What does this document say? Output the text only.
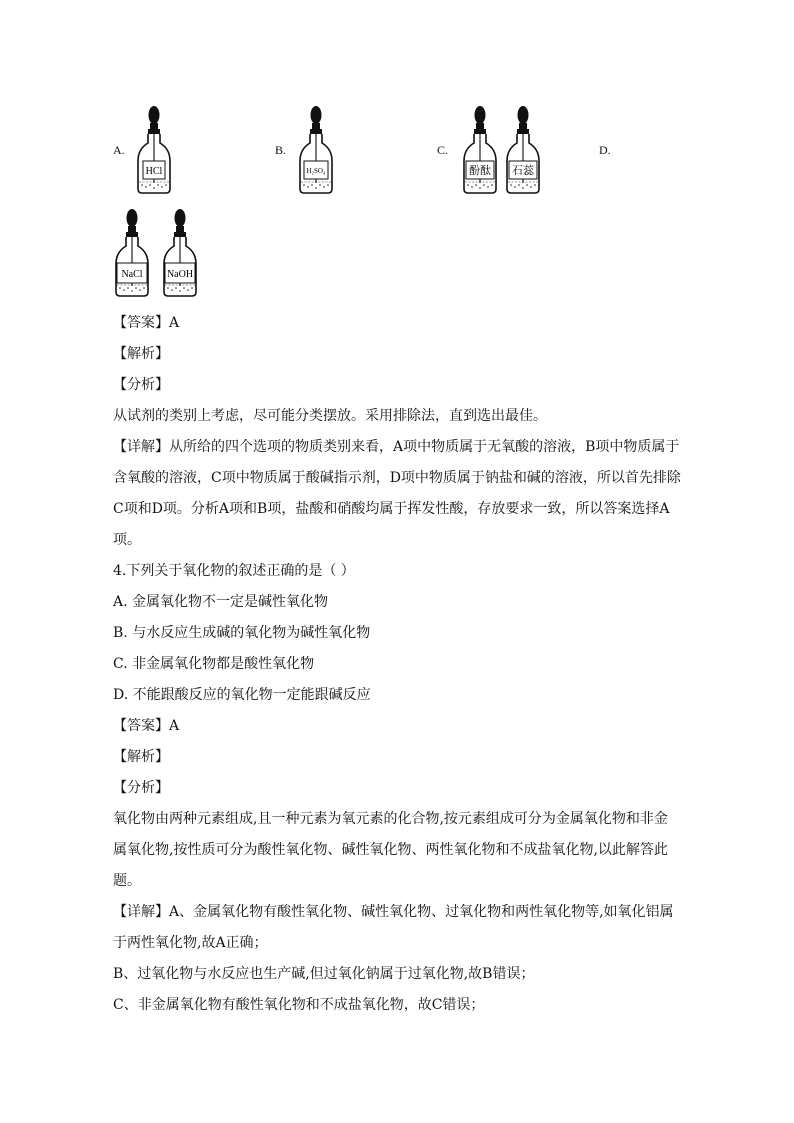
A.	B.	C.	D.
HCl	H₂SO₄	酚酞 石蕊
NaCl NaOH
【答案】A
【解析】
【分析】
从试剂的类别上考虑，尽可能分类摆放。采用排除法，直到选出最佳。
【详解】从所给的四个选项的物质类别来看，A项中物质属于无氧酸的溶液，B项中物质属于
含氧酸的溶液，C项中物质属于酸碱指示剂，D项中物质属于钠盐和碱的溶液，所以首先排除
C项和D项。分析A项和B项，盐酸和硝酸均属于挥发性酸，存放要求一致，所以答案选择A
项。
4.下列关于氧化物的叙述正确的是（ ）
A. 金属氧化物不一定是碱性氧化物
B. 与水反应生成碱的氧化物为碱性氧化物
C. 非金属氧化物都是酸性氧化物
D. 不能跟酸反应的氧化物一定能跟碱反应
【答案】A
【解析】
【分析】
氧化物由两种元素组成,且一种元素为氧元素的化合物,按元素组成可分为金属氧化物和非金
属氧化物,按性质可分为酸性氧化物、碱性氧化物、两性氧化物和不成盐氧化物,以此解答此
题。
【详解】A、金属氧化物有酸性氧化物、碱性氧化物、过氧化物和两性氧化物等,如氧化铝属
于两性氧化物,故A正确；
B、过氧化物与水反应也生产碱,但过氧化钠属于过氧化物,故B错误；
C、非金属氧化物有酸性氧化物和不成盐氧化物，故C错误；
